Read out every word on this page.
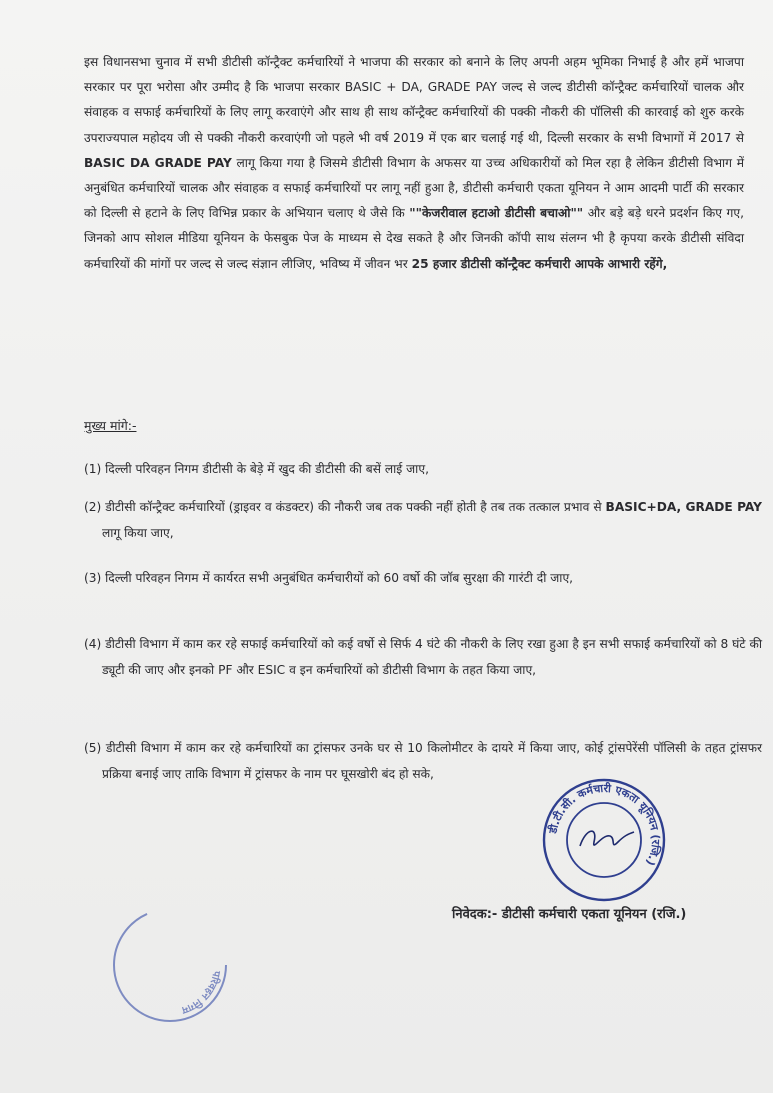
इस विधानसभा चुनाव में सभी डीटीसी कॉन्ट्रैक्ट कर्मचारियों ने भाजपा की सरकार को बनाने के लिए अपनी अहम भूमिका निभाई है और हमें भाजपा सरकार पर पूरा भरोसा और उम्मीद है कि भाजपा सरकार BASIC + DA, GRADE PAY जल्द से जल्द डीटीसी कॉन्ट्रैक्ट कर्मचारियों चालक और संवाहक व सफाई कर्मचारियों के लिए लागू करवाएंगे और साथ ही साथ कॉन्ट्रैक्ट कर्मचारियों की पक्की नौकरी की पॉलिसी की कारवाई को शुरु करके उपराज्यपाल महोदय जी से पक्की नौकरी करवाएंगी जो पहले भी वर्ष 2019 में एक बार चलाई गई थी, दिल्ली सरकार के सभी विभागों में 2017 से BASIC DA GRADE PAY लागू किया गया है जिसमे डीटीसी विभाग के अफसर या उच्च अधिकारीयों को मिल रहा है लेकिन डीटीसी विभाग में अनुबंधित कर्मचारियों चालक और संवाहक व सफाई कर्मचारियों पर लागू नहीं हुआ है, डीटीसी कर्मचारी एकता यूनियन ने आम आदमी पार्टी की सरकार को दिल्ली से हटाने के लिए विभिन्न प्रकार के अभियान चलाए थे जैसे कि ""केजरीवाल हटाओ डीटीसी बचाओ"" और बड़े बड़े धरने प्रदर्शन किए गए, जिनको आप सोशल मीडिया यूनियन के फेसबुक पेज के माध्यम से देख सकते है और जिनकी कॉपी साथ संलग्न भी है कृपया करके डीटीसी संविदा कर्मचारियों की मांगों पर जल्द से जल्द संज्ञान लीजिए, भविष्य में जीवन भर 25 हजार डीटीसी कॉन्ट्रैक्ट कर्मचारी आपके आभारी रहेंगे,

मुख्य मांगे:-

(1) दिल्ली परिवहन निगम डीटीसी के बेड़े में खुद की डीटीसी की बसें लाई जाए,

(2) डीटीसी कॉन्ट्रैक्ट कर्मचारियों (ड्राइवर व कंडक्टर) की नौकरी जब तक पक्की नहीं होती है तब तक तत्काल प्रभाव से BASIC+DA, GRADE PAY लागू किया जाए,

(3) दिल्ली परिवहन निगम में कार्यरत सभी अनुबंधित कर्मचारीयों को 60 वर्षो की जॉब सुरक्षा की गारंटी दी जाए,

(4) डीटीसी विभाग में काम कर रहे सफाई कर्मचारियों को कई वर्षो से सिर्फ 4 घंटे की नौकरी के लिए रखा हुआ है इन सभी सफाई कर्मचारियों को 8 घंटे की ड्यूटी की जाए और इनको PF और ESIC व इन कर्मचारियों को डीटीसी विभाग के तहत किया जाए,

(5) डीटीसी विभाग में काम कर रहे कर्मचारियों का ट्रांसफर उनके घर से 10 किलोमीटर के दायरे में किया जाए, कोई ट्रांसपेरेंसी पॉलिसी के तहत ट्रांसफर प्रक्रिया बनाई जाए ताकि विभाग में ट्रांसफर के नाम पर घूसखोरी बंद हो सके,

डी.टी.सी. कर्मचारी एकता यूनियन (रजि.)

निवेदक:- डीटीसी कर्मचारी एकता यूनियन (रजि.)

परिवहन निगम
